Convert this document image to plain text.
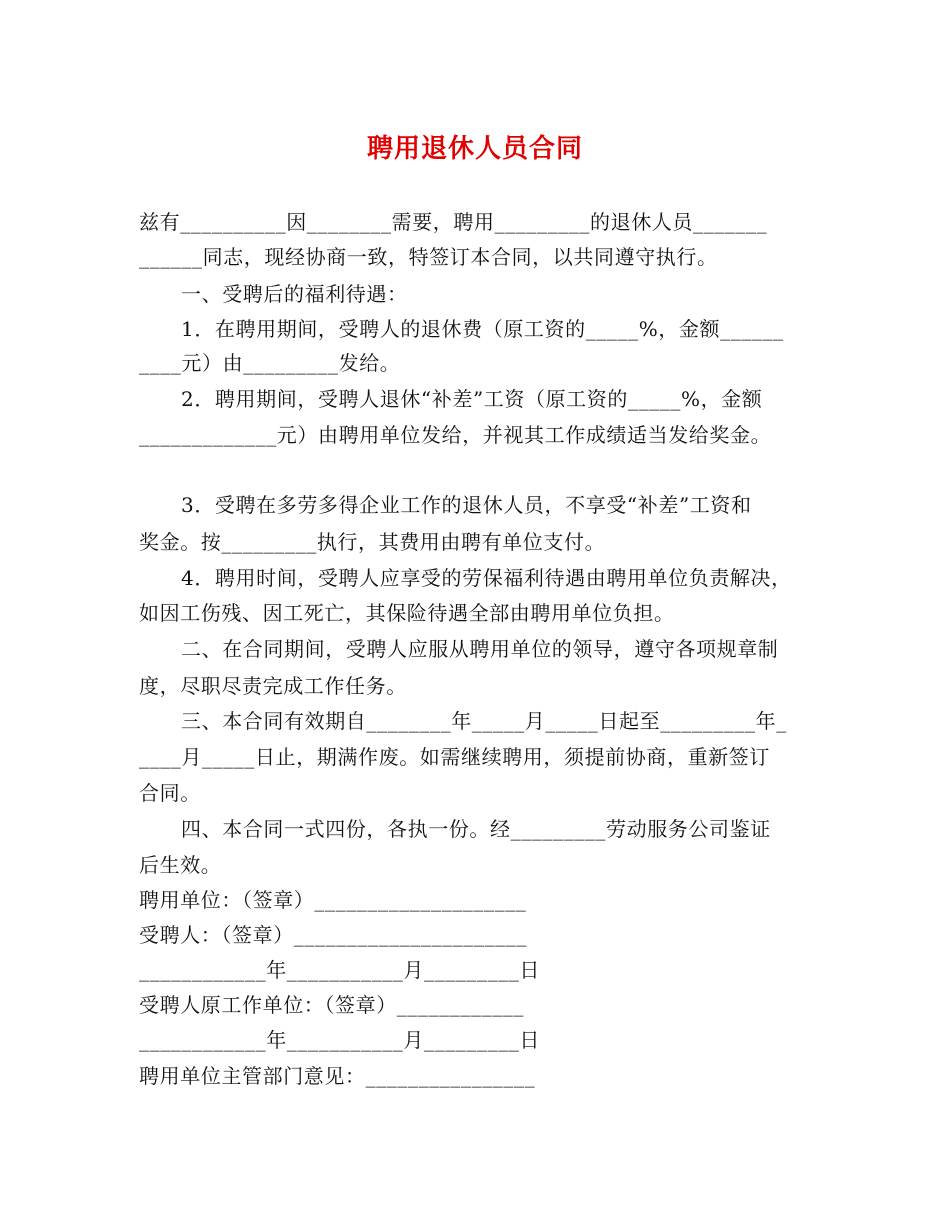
聘用退休人员合同
兹有__________因________需要，聘用_________的退休人员_______
______同志，现经协商一致，特签订本合同，以共同遵守执行。
一、受聘后的福利待遇：
1．在聘用期间，受聘人的退休费（原工资的_____%，金额______
____元）由_________发给。
2．聘用期间，受聘人退休“补差”工资（原工资的_____%，金额
_____________元）由聘用单位发给，并视其工作成绩适当发给奖金。
3．受聘在多劳多得企业工作的退休人员，不享受“补差”工资和
奖金。按_________执行，其费用由聘有单位支付。
4．聘用时间，受聘人应享受的劳保福利待遇由聘用单位负责解决，
如因工伤残、因工死亡，其保险待遇全部由聘用单位负担。
二、在合同期间，受聘人应服从聘用单位的领导，遵守各项规章制
度，尽职尽责完成工作任务。
三、本合同有效期自________年_____月_____日起至_________年_
____月_____日止，期满作废。如需继续聘用，须提前协商，重新签订
合同。
四、本合同一式四份，各执一份。经_________劳动服务公司鉴证
后生效。
聘用单位：（签章）____________________
受聘人：（签章）______________________
____________年___________月_________日
受聘人原工作单位：（签章）____________
____________年___________月_________日
聘用单位主管部门意见：________________
